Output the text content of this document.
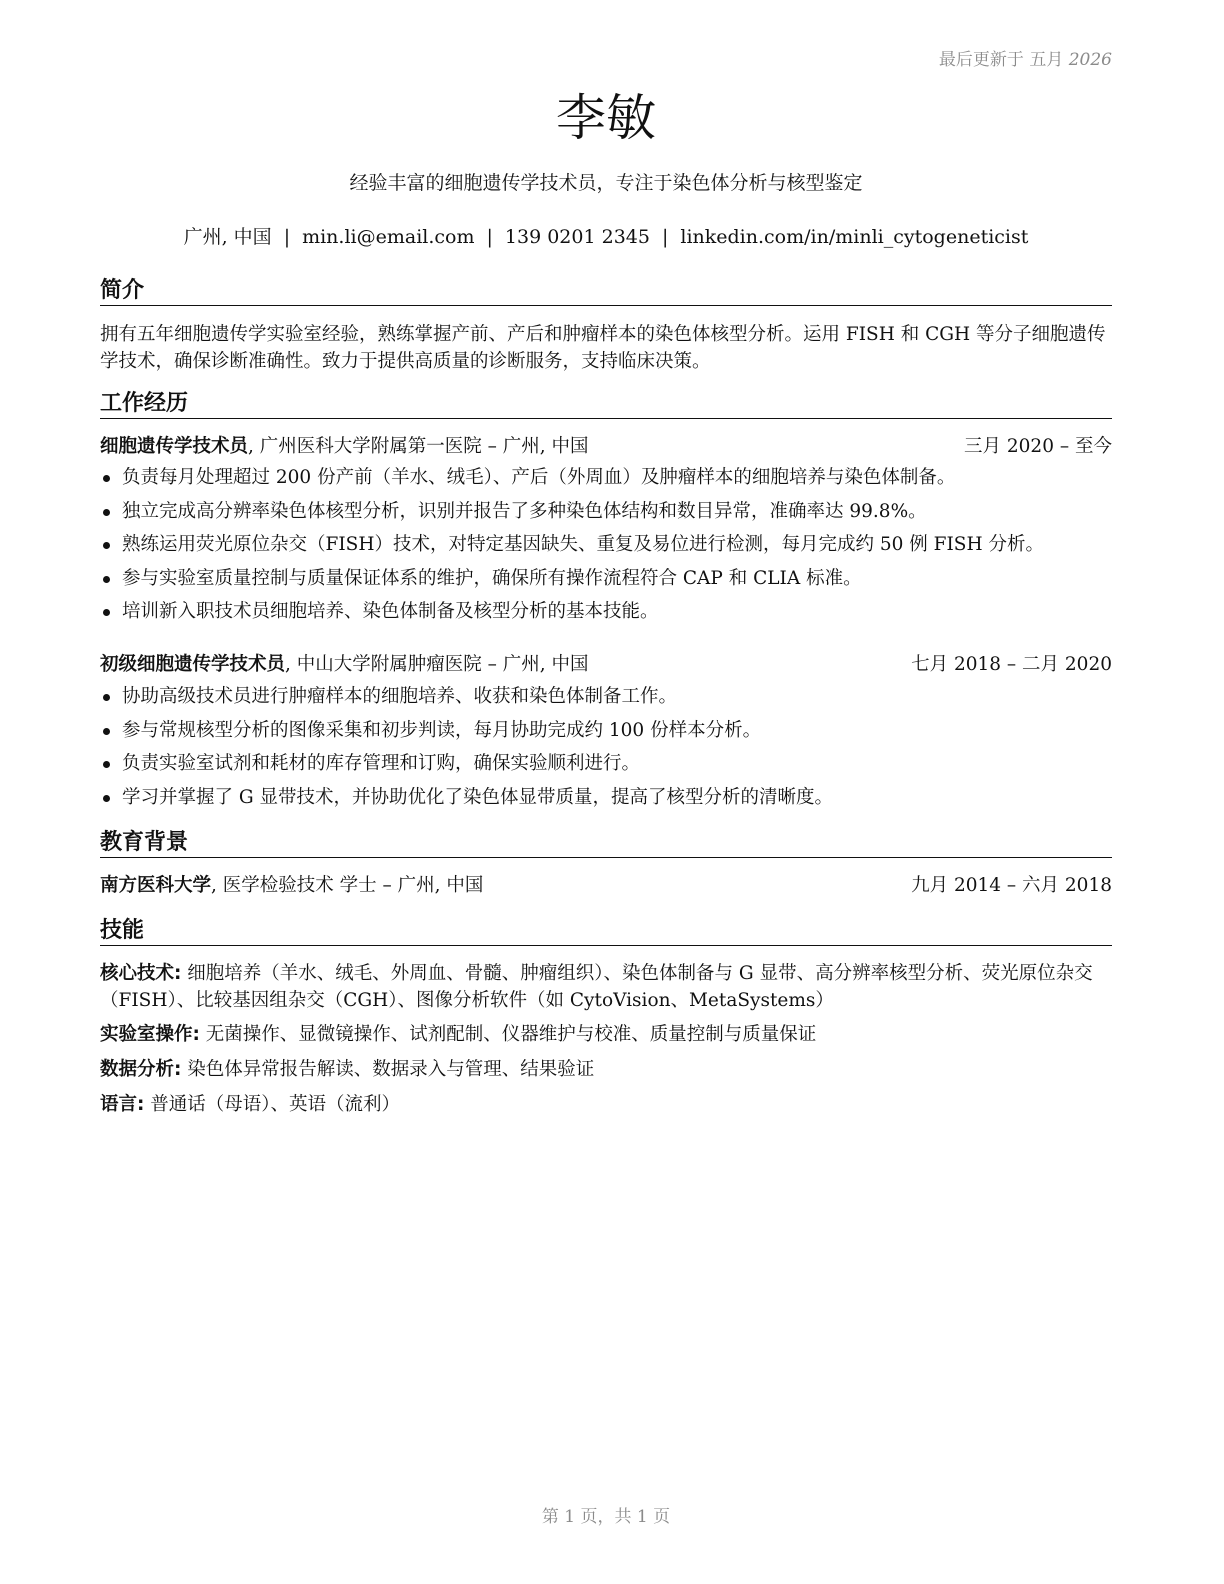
最后更新于 五月 2026
李敏
经验丰富的细胞遗传学技术员，专注于染色体分析与核型鉴定
广州, 中国 | min.li@email.com | 139 0201 2345 | linkedin.com/in/minli_cytogeneticist
简介
拥有五年细胞遗传学实验室经验，熟练掌握产前、产后和肿瘤样本的染色体核型分析。运用 FISH 和 CGH 等分子细胞遗传学技术，确保诊断准确性。致力于提供高质量的诊断服务，支持临床决策。
工作经历
细胞遗传学技术员, 广州医科大学附属第一医院 – 广州, 中国	三月 2020 – 至今
负责每月处理超过 200 份产前（羊水、绒毛）、产后（外周血）及肿瘤样本的细胞培养与染色体制备。
独立完成高分辨率染色体核型分析，识别并报告了多种染色体结构和数目异常，准确率达 99.8%。
熟练运用荧光原位杂交（FISH）技术，对特定基因缺失、重复及易位进行检测，每月完成约 50 例 FISH 分析。
参与实验室质量控制与质量保证体系的维护，确保所有操作流程符合 CAP 和 CLIA 标准。
培训新入职技术员细胞培养、染色体制备及核型分析的基本技能。
初级细胞遗传学技术员, 中山大学附属肿瘤医院 – 广州, 中国	七月 2018 – 二月 2020
协助高级技术员进行肿瘤样本的细胞培养、收获和染色体制备工作。
参与常规核型分析的图像采集和初步判读，每月协助完成约 100 份样本分析。
负责实验室试剂和耗材的库存管理和订购，确保实验顺利进行。
学习并掌握了 G 显带技术，并协助优化了染色体显带质量，提高了核型分析的清晰度。
教育背景
南方医科大学, 医学检验技术 学士 – 广州, 中国	九月 2014 – 六月 2018
技能
核心技术: 细胞培养（羊水、绒毛、外周血、骨髓、肿瘤组织）、染色体制备与 G 显带、高分辨率核型分析、荧光原位杂交（FISH）、比较基因组杂交（CGH）、图像分析软件（如 CytoVision、MetaSystems）
实验室操作: 无菌操作、显微镜操作、试剂配制、仪器维护与校准、质量控制与质量保证
数据分析: 染色体异常报告解读、数据录入与管理、结果验证
语言: 普通话（母语）、英语（流利）
第 1 页，共 1 页
